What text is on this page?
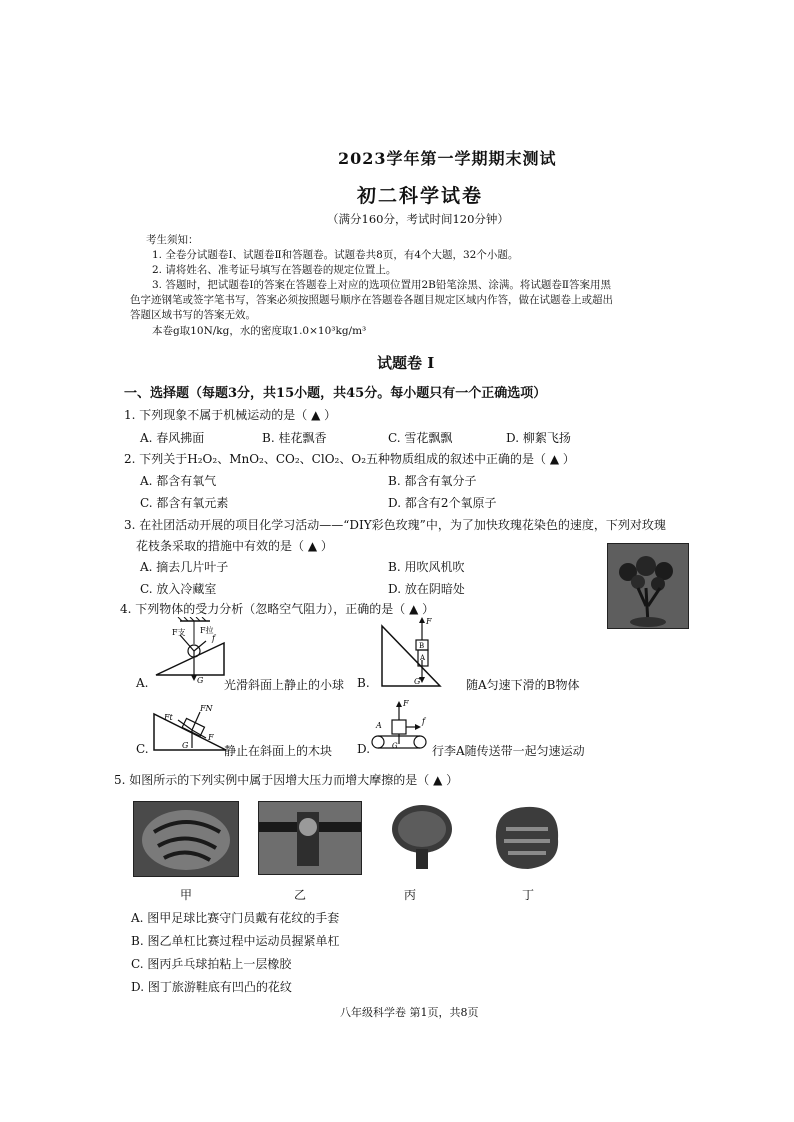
2023学年第一学期期末测试
初二科学试卷
（满分160分，考试时间120分钟）
考生须知：
1. 全卷分试题卷Ⅰ、试题卷Ⅱ和答题卷。试题卷共8页，有4个大题，32个小题。
2. 请将姓名、准考证号填写在答题卷的规定位置上。
3. 答题时，把试题卷Ⅰ的答案在答题卷上对应的选项位置用2B铅笔涂黑、涂满。将试题卷Ⅱ答案用黑
色字迹钢笔或签字笔书写，答案必须按照题号顺序在答题卷各题目规定区域内作答，做在试题卷上或超出
答题区域书写的答案无效。
本卷g取10N/kg，水的密度取1.0×10³kg/m³
试题卷 Ⅰ
一、选择题（每题3分，共15小题，共45分。每小题只有一个正确选项）
1. 下列现象不属于机械运动的是（ ▲ ）
A. 春风拂面	B. 桂花飘香	C. 雪花飘飘	D. 柳絮飞扬
2. 下列关于H₂O₂、MnO₂、CO₂、ClO₂、O₂五种物质组成的叙述中正确的是（ ▲ ）
A. 都含有氧气	B. 都含有氧分子
C. 都含有氧元素	D. 都含有2个氧原子
3. 在社团活动开展的项目化学习活动——“DIY彩色玫瑰”中，为了加快玫瑰花染色的速度，下列对玫瑰
花枝条采取的措施中有效的是（ ▲ ）
A. 摘去几片叶子	B. 用吹风机吹
C. 放入冷藏室	D. 放在阴暗处
4. 下列物体的受力分析（忽略空气阻力），正确的是（ ▲ ）
A.
F支 F拉
f
G 光滑斜面上静止的小球 B.
F
B
A
G	随A匀速下滑的B物体
C.
Ft
FN
F
G	静止在斜面上的木块
F
A	f
G
D.	行李A随传送带一起匀速运动
5. 如图所示的下列实例中属于因增大压力而增大摩擦的是（ ▲ ）
甲	乙	丙	丁
A. 图甲足球比赛守门员戴有花纹的手套
B. 图乙单杠比赛过程中运动员握紧单杠
C. 图丙乒乓球拍粘上一层橡胶
D. 图丁旅游鞋底有凹凸的花纹
八年级科学卷 第1页，共8页
